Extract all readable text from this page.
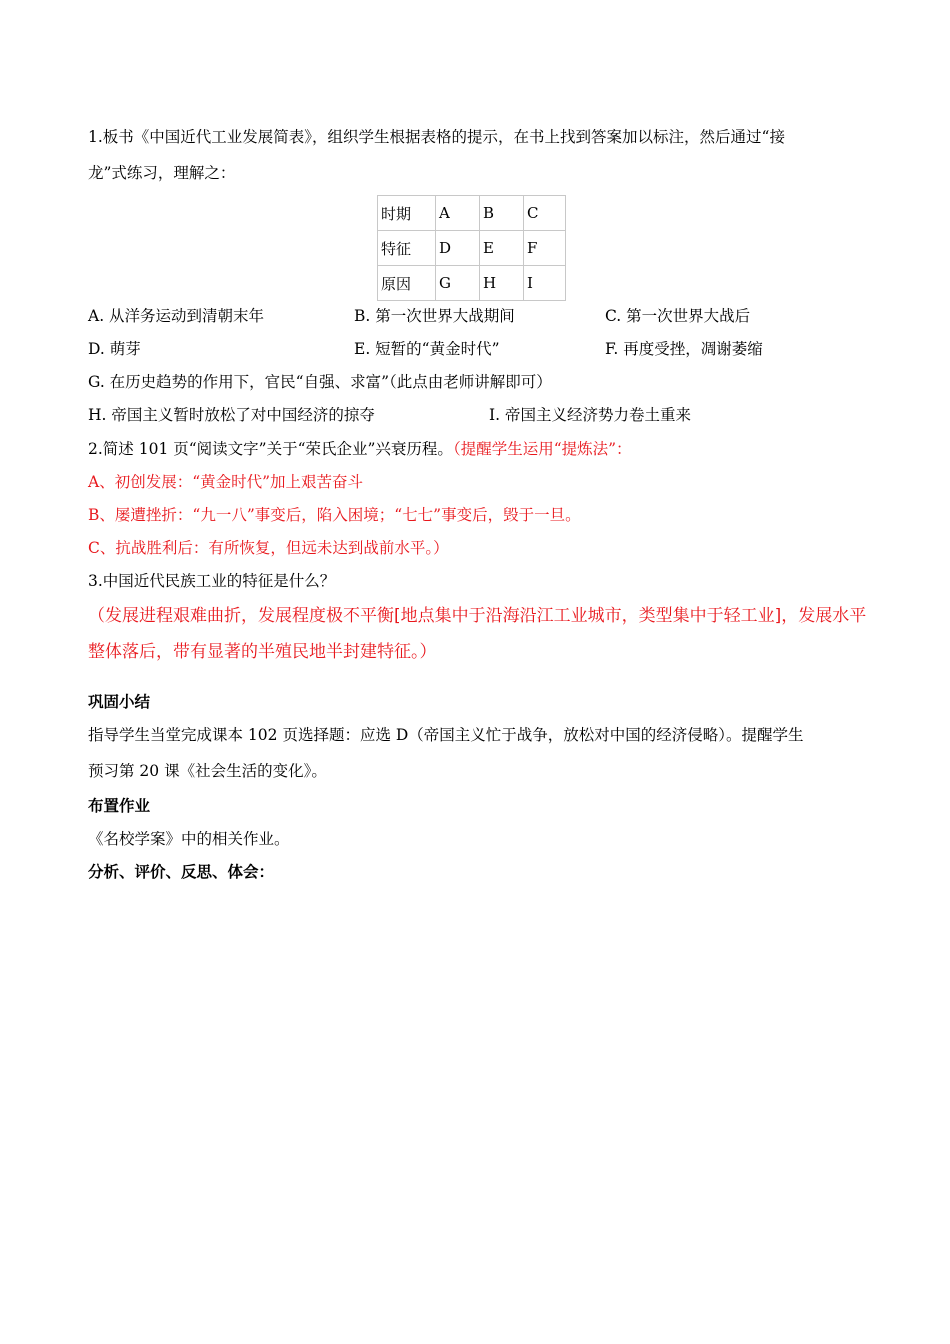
1.板书《中国近代工业发展简表》，组织学生根据表格的提示，在书上找到答案加以标注，然后通过“接
龙”式练习，理解之：
时期	A	B	C
特征	D	E	F
原因	G	H	I
A. 从洋务运动到清朝末年	B. 第一次世界大战期间	C. 第一次世界大战后
D. 萌芽	E. 短暂的“黄金时代”	F. 再度受挫，凋谢萎缩
G. 在历史趋势的作用下，官民“自强、求富”（此点由老师讲解即可）
H. 帝国主义暂时放松了对中国经济的掠夺	I. 帝国主义经济势力卷土重来
2.简述 101 页“阅读文字”关于“荣氏企业”兴衰历程。（提醒学生运用“提炼法”：
A、初创发展：“黄金时代”加上艰苦奋斗
B、屡遭挫折：“九一八”事变后，陷入困境；“七七”事变后，毁于一旦。
C、抗战胜利后：有所恢复，但远未达到战前水平。）
3.中国近代民族工业的特征是什么？
（发展进程艰难曲折，发展程度极不平衡[地点集中于沿海沿江工业城市，类型集中于轻工业]，发展水平
整体落后，带有显著的半殖民地半封建特征。）
巩固小结
指导学生当堂完成课本 102 页选择题：应选 D（帝国主义忙于战争，放松对中国的经济侵略）。提醒学生
预习第 20 课《社会生活的变化》。
布置作业
《名校学案》中的相关作业。
分析、评价、反思、体会：
